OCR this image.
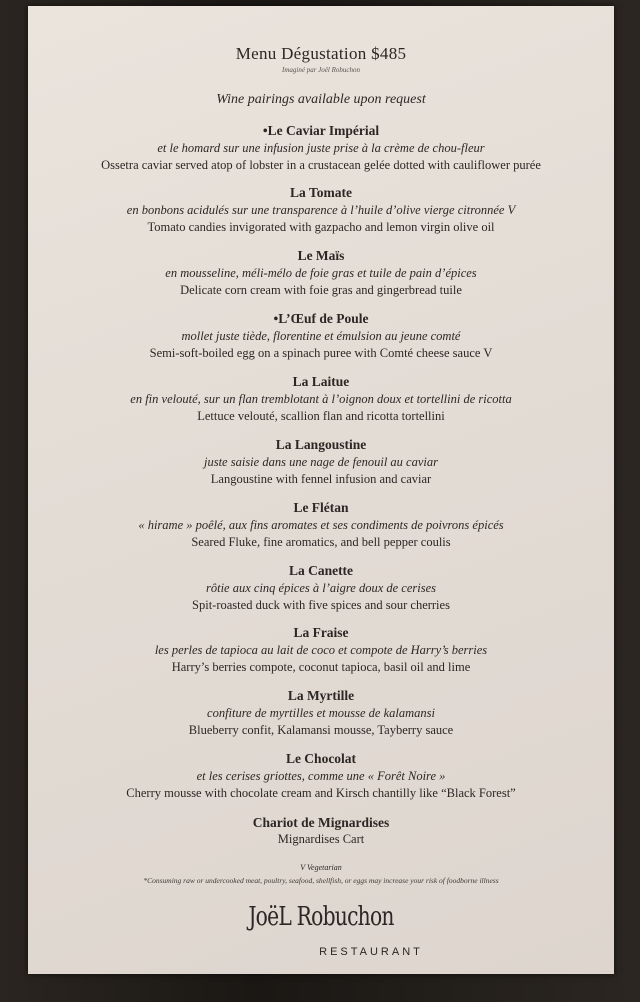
Menu Dégustation $485
Imaginé par Joël Robuchon
Wine pairings available upon request
•Le Caviar Impérial
et le homard sur une infusion juste prise à la crème de chou-fleur
Ossetra caviar served atop of lobster in a crustacean gelée dotted with cauliflower purée
La Tomate
en bonbons acidulés sur une transparence à l’huile d’olive vierge citronnée V
Tomato candies invigorated with gazpacho and lemon virgin olive oil
Le Maïs
en mousseline, méli-mélo de foie gras et tuile de pain d’épices
Delicate corn cream with foie gras and gingerbread tuile
•L’Œuf de Poule
mollet juste tiède, florentine et émulsion au jeune comté
Semi-soft-boiled egg on a spinach puree with Comté cheese sauce V
La Laitue
en fin velouté, sur un flan tremblotant à l’oignon doux et tortellini de ricotta
Lettuce velouté, scallion flan and ricotta tortellini
La Langoustine
juste saisie dans une nage de fenouil au caviar
Langoustine with fennel infusion and caviar
Le Flétan
« hirame » poêlé, aux fins aromates et ses condiments de poivrons épicés
Seared Fluke, fine aromatics, and bell pepper coulis
La Canette
rôtie aux cinq épices à l’aigre doux de cerises
Spit-roasted duck with five spices and sour cherries
La Fraise
les perles de tapioca au lait de coco et compote de Harry’s berries
Harry’s berries compote, coconut tapioca, basil oil and lime
La Myrtille
confiture de myrtilles et mousse de kalamansi
Blueberry confit, Kalamansi mousse, Tayberry sauce
Le Chocolat
et les cerises griottes, comme une « Forêt Noire »
Cherry mousse with chocolate cream and Kirsch chantilly like “Black Forest”
Chariot de Mignardises
Mignardises Cart
V Vegetarian
*Consuming raw or undercooked meat, poultry, seafood, shellfish, or eggs may increase your risk of foodborne illness
JoëL Robuchon
RESTAURANT
